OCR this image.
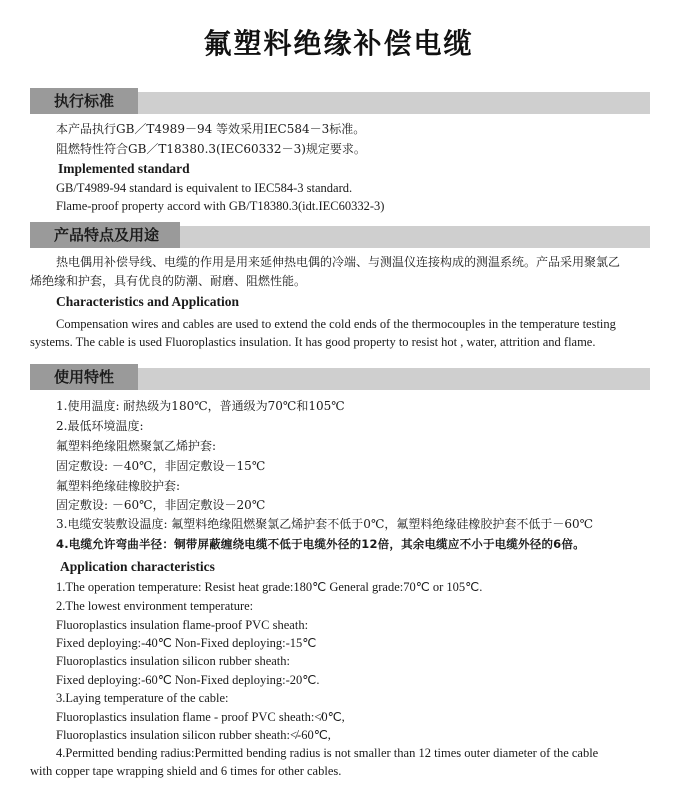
氟塑料绝缘补偿电缆
执行标准
本产品执行GB／T4989－94 等效采用IEC584－3标准。
阻燃特性符合GB／T18380.3(IEC60332－3)规定要求。
Implemented standard
GB/T4989-94 standard is equivalent to IEC584-3 standard.
Flame-proof property accord with GB/T18380.3(idt.IEC60332-3)
产品特点及用途
热电偶用补偿导线、电缆的作用是用来延伸热电偶的冷端、与测温仪连接构成的测温系统。产品采用聚氯乙
烯绝缘和护套，具有优良的防潮、耐磨、阻燃性能。
Characteristics and Application
Compensation wires and cables are used to extend the cold ends of the thermocouples in the temperature testing
systems. The cable is used Fluoroplastics insulation. It has good property to resist hot , water, attrition and flame.
使用特性
1.使用温度: 耐热级为180℃，普通级为70℃和105℃
2.最低环境温度:
氟塑料绝缘阻燃聚氯乙烯护套:
固定敷设: －40℃，非固定敷设－15℃
氟塑料绝缘硅橡胶护套:
固定敷设: －60℃，非固定敷设－20℃
3.电缆安装敷设温度: 氟塑料绝缘阻燃聚氯乙烯护套不低于0℃，氟塑料绝缘硅橡胶护套不低于－60℃
4.电缆允许弯曲半径：铜带屏蔽缠绕电缆不低于电缆外径的12倍，其余电缆应不小于电缆外径的6倍。
Application characteristics
1.The operation temperature: Resist heat grade:180℃ General grade:70℃ or 105℃.
2.The lowest environment temperature:
Fluoroplastics insulation flame-proof PVC sheath:
Fixed deploying:-40℃ Non-Fixed deploying:-15℃
Fluoroplastics insulation silicon rubber sheath:
Fixed deploying:-60℃ Non-Fixed deploying:-20℃.
3.Laying temperature of the cable:
Fluoroplastics insulation flame - proof PVC sheath:≮0℃,
Fluoroplastics insulation silicon rubber sheath:≮-60℃,
4.Permitted bending radius:Permitted bending radius is not smaller than 12 times outer diameter of the cable
with copper tape wrapping shield and 6 times for other cables.
